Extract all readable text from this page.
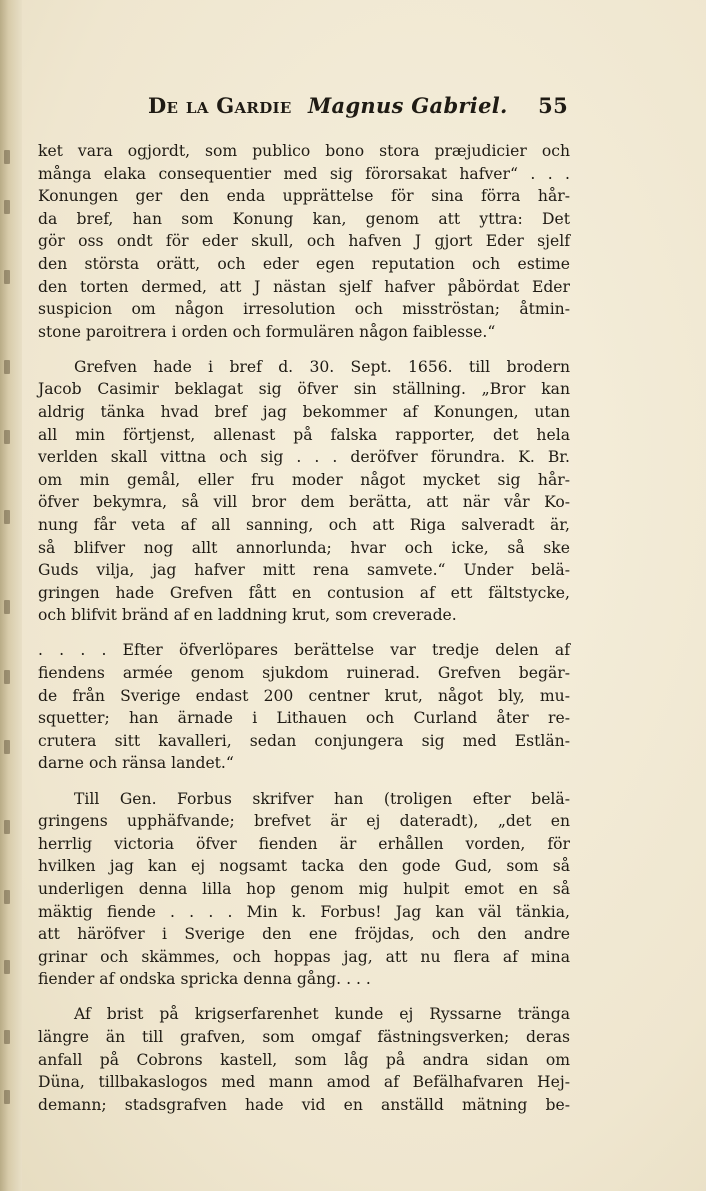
De la Gardie Magnus Gabriel. 55
ket vara ogjordt, som publico bono stora præjudicier och
många elaka consequentier med sig förorsakat hafver“ . . .
Konungen ger den enda upprättelse för sina förra hår-
da bref, han som Konung kan, genom att yttra: Det
gör oss ondt för eder skull, och hafven J gjort Eder sjelf
den största orätt, och eder egen reputation och estime
den torten dermed, att J nästan sjelf hafver påbördat Eder
suspicion om någon irresolution och misströstan; åtmin-
stone paroitrera i orden och formulären någon faiblesse.“
Grefven hade i bref d. 30. Sept. 1656. till brodern
Jacob Casimir beklagat sig öfver sin ställning. „Bror kan
aldrig tänka hvad bref jag bekommer af Konungen, utan
all min förtjenst, allenast på falska rapporter, det hela
verlden skall vittna och sig . . . deröfver förundra. K. Br.
om min gemål, eller fru moder något mycket sig hår-
öfver bekymra, så vill bror dem berätta, att när vår Ko-
nung får veta af all sanning, och att Riga salveradt är,
så blifver nog allt annorlunda; hvar och icke, så ske
Guds vilja, jag hafver mitt rena samvete.“ Under belä-
gringen hade Grefven fått en contusion af ett fältstycke,
och blifvit bränd af en laddning krut, som creverade.
. . . . Efter öfverlöpares berättelse var tredje delen af
fiendens armée genom sjukdom ruinerad. Grefven begär-
de från Sverige endast 200 centner krut, något bly, mu-
squetter; han ärnade i Lithauen och Curland åter re-
crutera sitt kavalleri, sedan conjungera sig med Estlän-
darne och ränsa landet.“
Till Gen. Forbus skrifver han (troligen efter belä-
gringens upphäfvande; brefvet är ej dateradt), „det en
herrlig victoria öfver fienden är erhållen vorden, för
hvilken jag kan ej nogsamt tacka den gode Gud, som så
underligen denna lilla hop genom mig hulpit emot en så
mäktig fiende . . . . Min k. Forbus! Jag kan väl tänkia,
att häröfver i Sverige den ene fröjdas, och den andre
grinar och skämmes, och hoppas jag, att nu flera af mina
fiender af ondska spricka denna gång. . . .
Af brist på krigserfarenhet kunde ej Ryssarne tränga
längre än till grafven, som omgaf fästningsverken; deras
anfall på Cobrons kastell, som låg på andra sidan om
Düna, tillbakaslogos med mann amod af Befälhafvaren Hej-
demann; stadsgrafven hade vid en anställd mätning be-
